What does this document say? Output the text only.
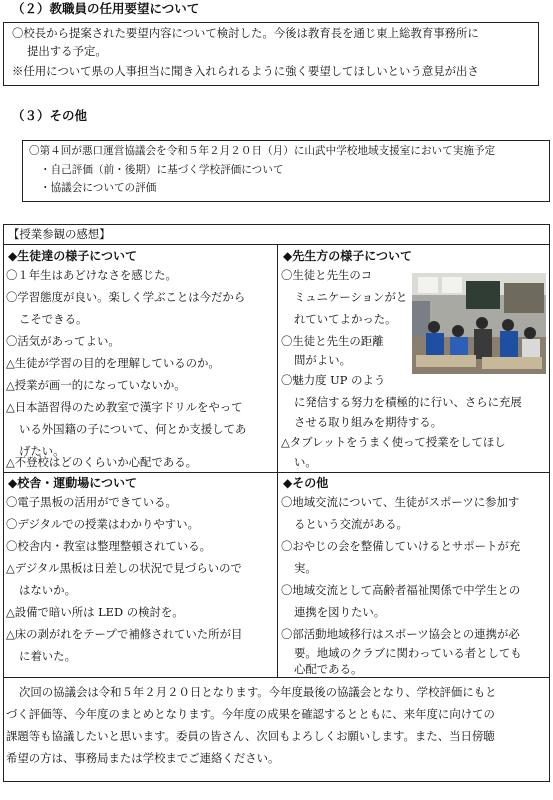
（２）教職員の任用要望について
〇校長から提案された要望内容について検討した。今後は教育長を通じ東上総教育事務所に
提出する予定。
※任用について県の人事担当に聞き入れられるように強く要望してほしいという意見が出さ
（３）その他
〇第４回が悪口運営協議会を令和５年２月２０日（月）に山武中学校地域支援室において実施予定
・自己評価（前・後期）に基づく学校評価について
・協議会についての評価
【授業参観の感想】
◆生徒達の様子について
〇１年生はあどけなさを感じた。
〇学習態度が良い。楽しく学ぶことは今だから
こそできる。
〇活気があってよい。
△生徒が学習の目的を理解しているのか。
△授業が画一的になっていないか。
△日本語習得のため教室で漢字ドリルをやって
いる外国籍の子について、何とか支援してあ
げたい。
△不登校はどのくらいか心配である。
◆先生方の様子について
〇生徒と先生のコ
ミュニケーションがと
れていてよかった。
〇生徒と先生の距離
間がよい。
〇魅力度 UP のよう
に発信する努力を積極的に行い、さらに充展
させる取り組みを期待する。
△タブレットをうまく使って授業をしてほし
い。
◆校舎・運動場について
〇電子黒板の活用ができている。
〇デジタルでの授業はわかりやすい。
〇校舎内・教室は整理整頓されている。
△デジタル黒板は日差しの状況で見づらいので
はないか。
△設備で暗い所は LED の検討を。
△床の剥がれをテープで補修されていた所が目
に着いた。
◆その他
〇地域交流について、生徒がスポーツに参加す
るという交流がある。
〇おやじの会を整備していけるとサポートが充
実。
〇地域交流として高齢者福祉関係で中学生との
連携を図りたい。
〇部活動地域移行はスポーツ協会との連携が必
要。地域のクラブに関わっている者としても
心配である。
次回の協議会は令和５年２月２０日となります。今年度最後の協議会となり、学校評価にもと
づく評価等、今年度のまとめとなります。今年度の成果を確認するとともに、来年度に向けての
課題等も協議したいと思います。委員の皆さん、次回もよろしくお願いします。また、当日傍聴
希望の方は、事務局または学校までご連絡ください。
